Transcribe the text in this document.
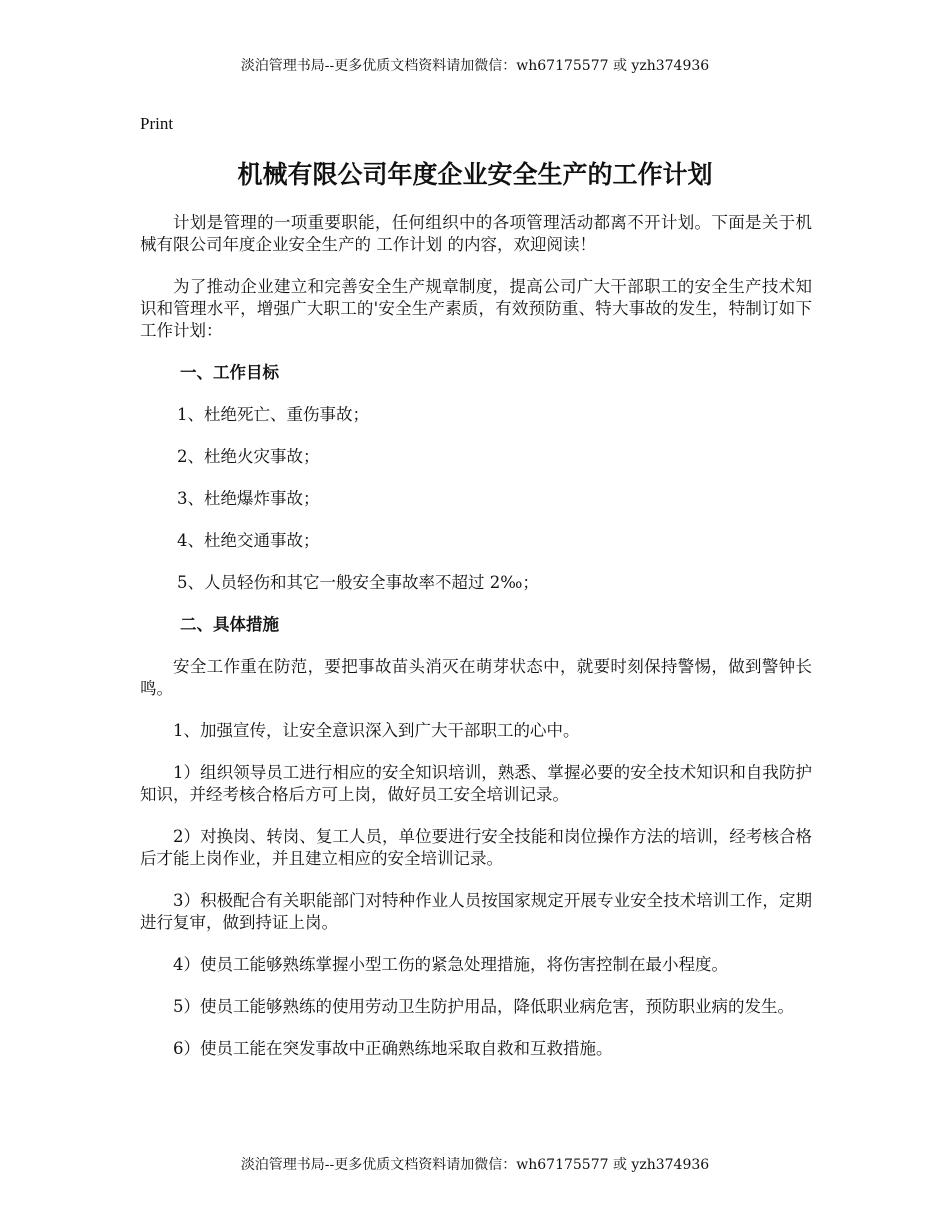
淡泊管理书局--更多优质文档资料请加微信：wh67175577 或 yzh374936
Print
机械有限公司年度企业安全生产的工作计划

计划是管理的一项重要职能，任何组织中的各项管理活动都离不开计划。下面是关于机械有限公司年度企业安全生产的 工作计划 的内容，欢迎阅读！

为了推动企业建立和完善安全生产规章制度，提高公司广大干部职工的安全生产技术知识和管理水平，增强广大职工的'安全生产素质，有效预防重、特大事故的发生，特制订如下工作计划：

一、工作目标
1、杜绝死亡、重伤事故；
2、杜绝火灾事故；
3、杜绝爆炸事故；
4、杜绝交通事故；
5、人员轻伤和其它一般安全事故率不超过 2‰；
二、具体措施

安全工作重在防范，要把事故苗头消灭在萌芽状态中，就要时刻保持警惕，做到警钟长鸣。

1、加强宣传，让安全意识深入到广大干部职工的心中。

1）组织领导员工进行相应的安全知识培训，熟悉、掌握必要的安全技术知识和自我防护知识，并经考核合格后方可上岗，做好员工安全培训记录。

2）对换岗、转岗、复工人员，单位要进行安全技能和岗位操作方法的培训，经考核合格后才能上岗作业，并且建立相应的安全培训记录。

3）积极配合有关职能部门对特种作业人员按国家规定开展专业安全技术培训工作，定期进行复审，做到持证上岗。

4）使员工能够熟练掌握小型工伤的紧急处理措施，将伤害控制在最小程度。

5）使员工能够熟练的使用劳动卫生防护用品，降低职业病危害，预防职业病的发生。

6）使员工能在突发事故中正确熟练地采取自救和互救措施。

淡泊管理书局--更多优质文档资料请加微信：wh67175577 或 yzh374936
